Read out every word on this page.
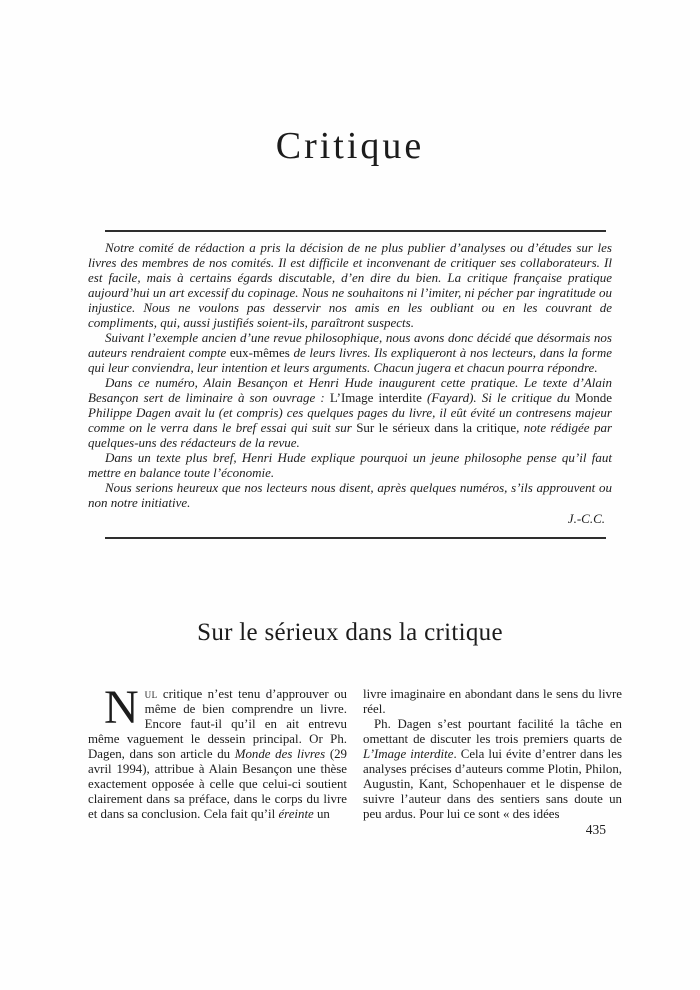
Critique

Notre comité de rédaction a pris la décision de ne plus publier d’analyses ou d’études sur les livres des membres de nos comités. Il est difficile et inconvenant de critiquer ses collaborateurs. Il est facile, mais à certains égards discutable, d’en dire du bien. La critique française pratique aujourd’hui un art excessif du copinage. Nous ne souhaitons ni l’imiter, ni pécher par ingratitude ou injustice. Nous ne voulons pas desservir nos amis en les oubliant ou en les couvrant de compliments, qui, aussi justifiés soient-ils, paraîtront suspects.

Suivant l’exemple ancien d’une revue philosophique, nous avons donc décidé que désormais nos auteurs rendraient compte eux-mêmes de leurs livres. Ils expliqueront à nos lecteurs, dans la forme qui leur conviendra, leur intention et leurs arguments. Chacun jugera et chacun pourra répondre.

Dans ce numéro, Alain Besançon et Henri Hude inaugurent cette pratique. Le texte d’Alain Besançon sert de liminaire à son ouvrage : L’Image interdite (Fayard). Si le critique du Monde Philippe Dagen avait lu (et compris) ces quelques pages du livre, il eût évité un contresens majeur comme on le verra dans le bref essai qui suit sur Sur le sérieux dans la critique, note rédigée par quelques-uns des rédacteurs de la revue.

Dans un texte plus bref, Henri Hude explique pourquoi un jeune philosophe pense qu’il faut mettre en balance toute l’économie.

Nous serions heureux que nos lecteurs nous disent, après quelques numéros, s’ils approuvent ou non notre initiative.

J.-C.C.
Sur le sérieux dans la critique

Nul critique n’est tenu d’approuver ou même de bien comprendre un livre. Encore faut-il qu’il en ait entrevu même vaguement le dessein principal. Or Ph. Dagen, dans son article du Monde des livres (29 avril 1994), attribue à Alain Besançon une thèse exactement opposée à celle que celui-ci soutient clairement dans sa préface, dans le corps du livre et dans sa conclusion. Cela fait qu’il éreinte un

livre imaginaire en abondant dans le sens du livre réel.

Ph. Dagen s’est pourtant facilité la tâche en omettant de discuter les trois premiers quarts de L’Image interdite. Cela lui évite d’entrer dans les analyses précises d’auteurs comme Plotin, Philon, Augustin, Kant, Schopenhauer et le dispense de suivre l’auteur dans des sentiers sans doute un peu ardus. Pour lui ce sont « des idées

435
